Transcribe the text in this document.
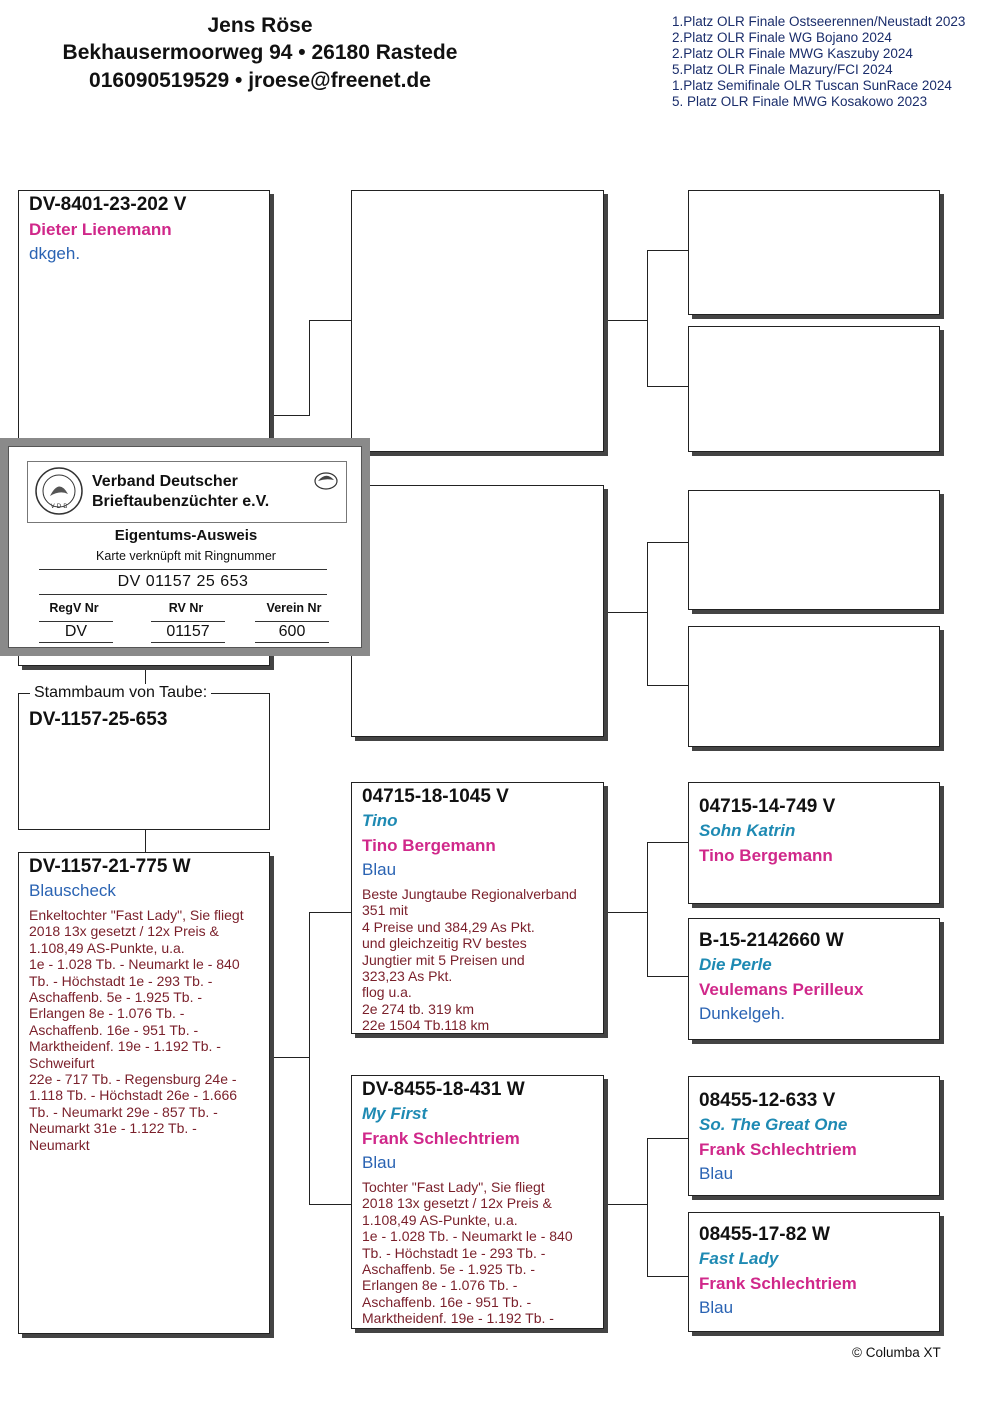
Jens Röse
Bekhausermoorweg 94 • 26180 Rastede
016090519529 • jroese@freenet.de
1.Platz OLR Finale Ostseerennen/Neustadt 2023
2.Platz OLR Finale WG Bojano 2024
2.Platz OLR Finale MWG Kaszuby 2024
5.Platz OLR Finale Mazury/FCI 2024
1.Platz Semifinale OLR Tuscan SunRace 2024
5. Platz OLR Finale MWG Kosakowo 2023
DV-8401-23-202 V
Dieter Lienemann
dkgeh.
V D B
Verband Deutscher
Brieftaubenzüchter e.V.
Eigentums-Ausweis
Karte verknüpft mit Ringnummer
DV 01157 25 653
RegV Nr	RV Nr	Verein Nr
DV	01157	600
DV-1157-25-653
Stammbaum von Taube:
DV-1157-21-775 W
Blauscheck
Enkeltochter "Fast Lady", Sie fliegt
2018 13x gesetzt / 12x Preis &
1.108,49 AS-Punkte, u.a.
1e - 1.028 Tb. - Neumarkt le - 840
Tb. - Höchstadt 1e - 293 Tb. -
Aschaffenb. 5e - 1.925 Tb. -
Erlangen 8e - 1.076 Tb. -
Aschaffenb. 16e - 951 Tb. -
Marktheidenf. 19e - 1.192 Tb. -
Schweifurt
22e - 717 Tb. - Regensburg 24e -
1.118 Tb. - Höchstadt 26e - 1.666
Tb. - Neumarkt 29e - 857 Tb. -
Neumarkt 31e - 1.122 Tb. -
Neumarkt
04715-18-1045 V
Tino
Tino Bergemann
Blau
Beste Jungtaube Regionalverband
351 mit
4 Preise und 384,29 As Pkt.
und gleichzeitig RV bestes
Jungtier mit 5 Preisen und
323,23 As Pkt.
flog u.a.
2e 274 tb. 319 km
22e 1504 Tb.118 km
DV-8455-18-431 W
My First
Frank Schlechtriem
Blau
Tochter "Fast Lady", Sie fliegt
2018 13x gesetzt / 12x Preis &
1.108,49 AS-Punkte, u.a.
1e - 1.028 Tb. - Neumarkt le - 840
Tb. - Höchstadt 1e - 293 Tb. -
Aschaffenb. 5e - 1.925 Tb. -
Erlangen 8e - 1.076 Tb. -
Aschaffenb. 16e - 951 Tb. -
Marktheidenf. 19e - 1.192 Tb. -
04715-14-749 V
Sohn Katrin
Tino Bergemann
B-15-2142660 W
Die Perle
Veulemans Perilleux
Dunkelgeh.
08455-12-633 V
So. The Great One
Frank Schlechtriem
Blau
08455-17-82 W
Fast Lady
Frank Schlechtriem
Blau
© Columba XT
